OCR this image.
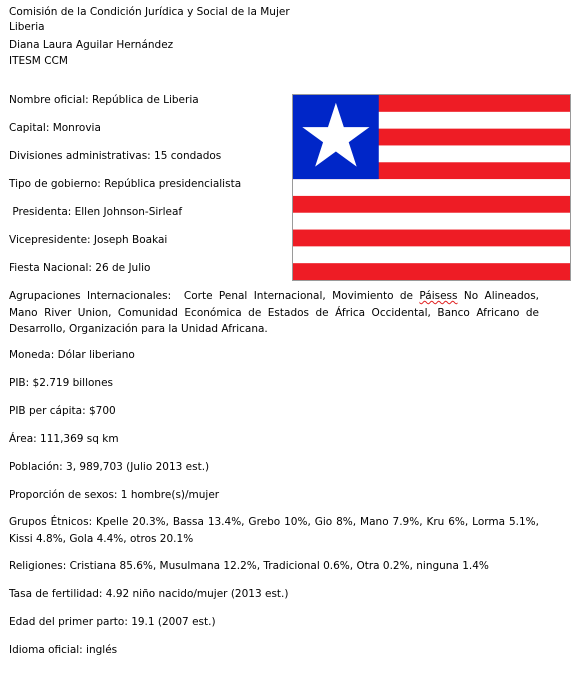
Comisión de la Condición Jurídica y Social de la Mujer
Liberia
Diana Laura Aguilar Hernández
ITESM CCM
Nombre oficial: República de Liberia
Capital: Monrovia
Divisiones administrativas: 15 condados
Tipo de gobierno: República presidencialista
Presidenta: Ellen Johnson-Sirleaf
Vicepresidente: Joseph Boakai
Fiesta Nacional: 26 de Julio
Agrupaciones Internacionales:  Corte Penal Internacional, Movimiento de Páisess No Alineados, Mano River Union, Comunidad Económica de Estados de África Occidental, Banco Africano de Desarrollo, Organización para la Unidad Africana.
Moneda: Dólar liberiano
PIB: $2.719 billones
PIB per cápita: $700
Área: 111,369 sq km
Población: 3, 989,703 (Julio 2013 est.)
Proporción de sexos: 1 hombre(s)/mujer
Grupos Étnicos: Kpelle 20.3%, Bassa 13.4%, Grebo 10%, Gio 8%, Mano 7.9%, Kru 6%, Lorma 5.1%, Kissi 4.8%, Gola 4.4%, otros 20.1%
Religiones: Cristiana 85.6%, Musulmana 12.2%, Tradicional 0.6%, Otra 0.2%, ninguna 1.4%
Tasa de fertilidad: 4.92 niño nacido/mujer (2013 est.)
Edad del primer parto: 19.1 (2007 est.)
Idioma oficial: inglés
